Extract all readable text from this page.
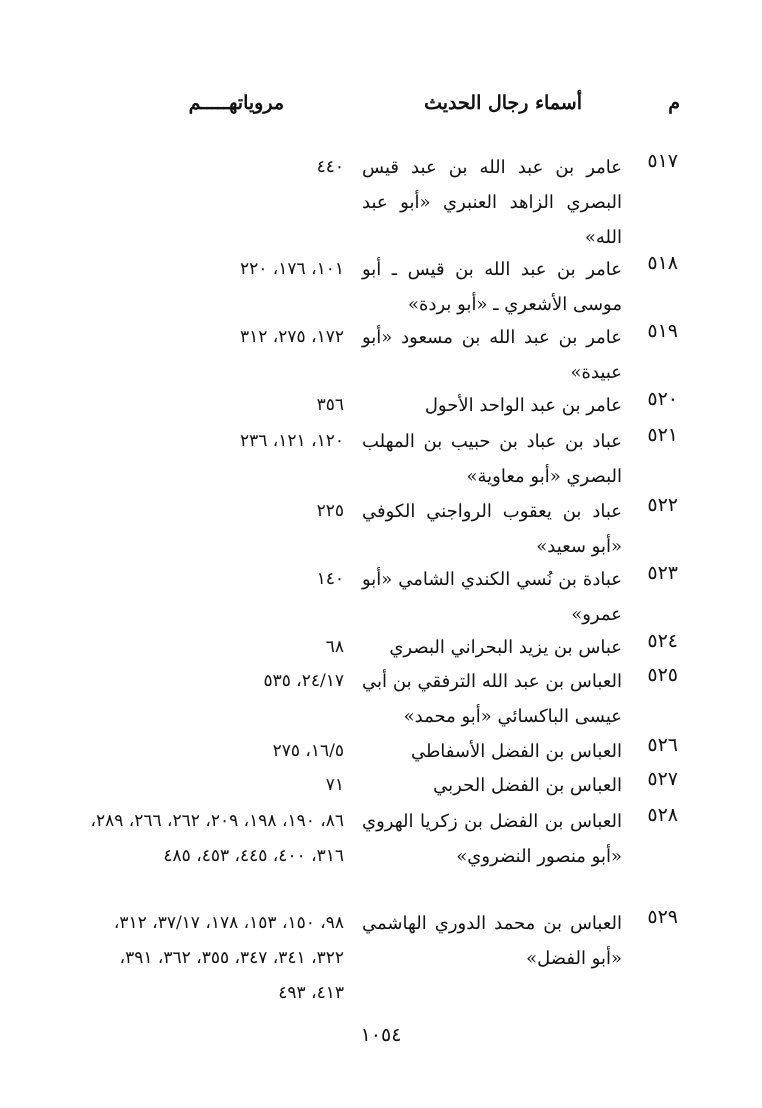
م
أسماء رجال الحديث
مروياتهـــــم
٥١٧
عامر بن عبد الله بن عبد قيس البصري الزاهد العنبري «أبو عبد الله»
٤٤٠
٥١٨
عامر بن عبد الله بن قيس ـ أبو موسى الأشعري ـ «أبو بردة»
١٠١، ١٧٦، ٢٢٠
٥١٩
عامر بن عبد الله بن مسعود «أبو عبيدة»
١٧٢، ٢٧٥، ٣١٢
٥٢٠
عامر بن عبد الواحد الأحول
٣٥٦
٥٢١
عباد بن عباد بن حبيب بن المهلب البصري «أبو معاوية»
١٢٠، ١٢١، ٢٣٦
٥٢٢
عباد بن يعقوب الرواجني الكوفي «أبو سعيد»
٢٢٥
٥٢٣
عبادة بن نُسي الكندي الشامي «أبو عمرو»
١٤٠
٥٢٤
عباس بن يزيد البحراني البصري
٦٨
٥٢٥
العباس بن عبد الله الترفقي بن أبي عيسى الباكسائي «أبو محمد»
٢٤/١٧، ٥٣٥
٥٢٦
العباس بن الفضل الأسفاطي
١٦/٥، ٢٧٥
٥٢٧
العباس بن الفضل الحربي
٧١
٥٢٨
العباس بن الفضل بن زكريا الهروي «أبو منصور النضروي»
٨٦، ١٩٠، ١٩٨، ٢٠٩، ٢٦٢، ٢٦٦، ٢٨٩، ٣١٦، ٤٠٠، ٤٤٥، ٤٥٣، ٤٨٥
٥٢٩
العباس بن محمد الدوري الهاشمي «أبو الفضل»
٩٨، ١٥٠، ١٥٣، ١٧٨، ٣٧/١٧، ٣١٢، ٣٢٢، ٣٤١، ٣٤٧، ٣٥٥، ٣٦٢، ٣٩١، ٤١٣، ٤٩٣
١٠٥٤
